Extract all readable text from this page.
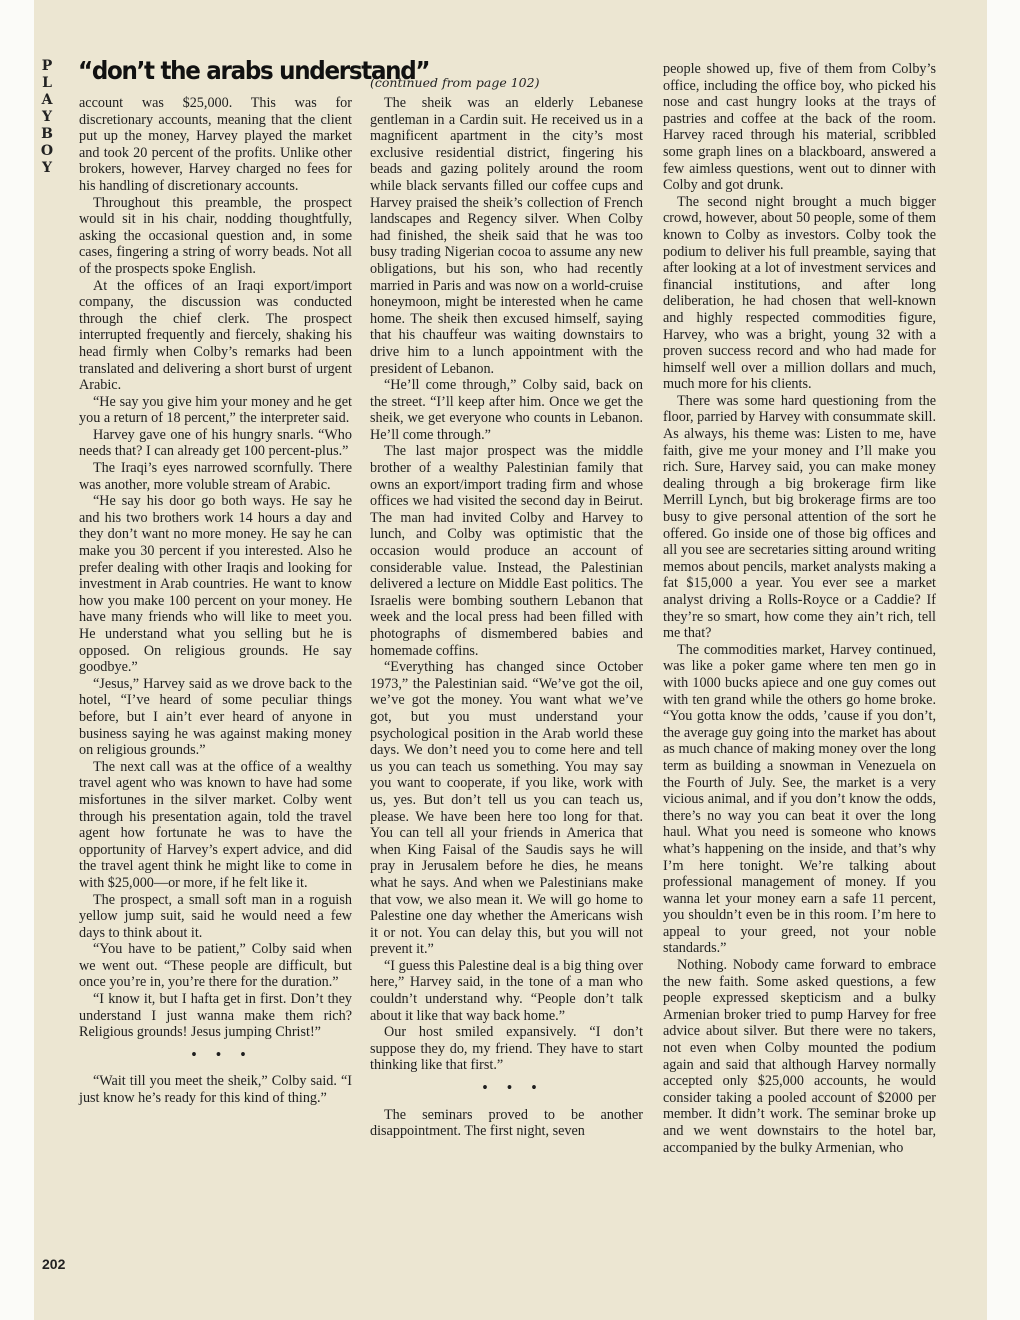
P
L
A
Y
B
O
Y
“don’t the arabs understand”
(continued from page 102)

account was $25,000. This was for discretionary accounts, meaning that the client put up the money, Harvey played the market and took 20 percent of the profits. Unlike other brokers, however, Harvey charged no fees for his handling of discretionary accounts.

Throughout this preamble, the prospect would sit in his chair, nodding thoughtfully, asking the occasional question and, in some cases, fingering a string of worry beads. Not all of the prospects spoke English.

At the offices of an Iraqi export/import company, the discussion was conducted through the chief clerk. The prospect interrupted frequently and fiercely, shaking his head firmly when Colby’s remarks had been translated and delivering a short burst of urgent Arabic.

“He say you give him your money and he get you a return of 18 percent,” the interpreter said.

Harvey gave one of his hungry snarls. “Who needs that? I can already get 100 percent-plus.”

The Iraqi’s eyes narrowed scornfully. There was another, more voluble stream of Arabic.

“He say his door go both ways. He say he and his two brothers work 14 hours a day and they don’t want no more money. He say he can make you 30 percent if you interested. Also he prefer dealing with other Iraqis and looking for investment in Arab countries. He want to know how you make 100 percent on your money. He have many friends who will like to meet you. He understand what you selling but he is opposed. On religious grounds. He say goodbye.”

“Jesus,” Harvey said as we drove back to the hotel, “I’ve heard of some peculiar things before, but I ain’t ever heard of anyone in business saying he was against making money on religious grounds.”

The next call was at the office of a wealthy travel agent who was known to have had some misfortunes in the silver market. Colby went through his presentation again, told the travel agent how fortunate he was to have the opportunity of Harvey’s expert advice, and did the travel agent think he might like to come in with $25,000—or more, if he felt like it.

The prospect, a small soft man in a roguish yellow jump suit, said he would need a few days to think about it.

“You have to be patient,” Colby said when we went out. “These people are difficult, but once you’re in, you’re there for the duration.”

“I know it, but I hafta get in first. Don’t they understand I just wanna make them rich? Religious grounds! Jesus jumping Christ!”

• • •

“Wait till you meet the sheik,” Colby said. “I just know he’s ready for this kind of thing.”

The sheik was an elderly Lebanese gentleman in a Cardin suit. He received us in a magnificent apartment in the city’s most exclusive residential district, fingering his beads and gazing politely around the room while black servants filled our coffee cups and Harvey praised the sheik’s collection of French landscapes and Regency silver. When Colby had finished, the sheik said that he was too busy trading Nigerian cocoa to assume any new obligations, but his son, who had recently married in Paris and was now on a world-cruise honeymoon, might be interested when he came home. The sheik then excused himself, saying that his chauffeur was waiting downstairs to drive him to a lunch appointment with the president of Lebanon.

“He’ll come through,” Colby said, back on the street. “I’ll keep after him. Once we get the sheik, we get everyone who counts in Lebanon. He’ll come through.”

The last major prospect was the middle brother of a wealthy Palestinian family that owns an export/import trading firm and whose offices we had visited the second day in Beirut. The man had invited Colby and Harvey to lunch, and Colby was optimistic that the occasion would produce an account of considerable value. Instead, the Palestinian delivered a lecture on Middle East politics. The Israelis were bombing southern Lebanon that week and the local press had been filled with photographs of dismembered babies and homemade coffins.

“Everything has changed since October 1973,” the Palestinian said. “We’ve got the oil, we’ve got the money. You want what we’ve got, but you must understand your psychological position in the Arab world these days. We don’t need you to come here and tell us you can teach us something. You may say you want to cooperate, if you like, work with us, yes. But don’t tell us you can teach us, please. We have been here too long for that. You can tell all your friends in America that when King Faisal of the Saudis says he will pray in Jerusalem before he dies, he means what he says. And when we Palestinians make that vow, we also mean it. We will go home to Palestine one day whether the Americans wish it or not. You can delay this, but you will not prevent it.”

“I guess this Palestine deal is a big thing over here,” Harvey said, in the tone of a man who couldn’t understand why. “People don’t talk about it like that way back home.”

Our host smiled expansively. “I don’t suppose they do, my friend. They have to start thinking like that first.”

• • •

The seminars proved to be another disappointment. The first night, seven

people showed up, five of them from Colby’s office, including the office boy, who picked his nose and cast hungry looks at the trays of pastries and coffee at the back of the room. Harvey raced through his material, scribbled some graph lines on a blackboard, answered a few aimless questions, went out to dinner with Colby and got drunk.

The second night brought a much bigger crowd, however, about 50 people, some of them known to Colby as investors. Colby took the podium to deliver his full preamble, saying that after looking at a lot of investment services and financial institutions, and after long deliberation, he had chosen that well-known and highly respected commodities figure, Harvey, who was a bright, young 32 with a proven success record and who had made for himself well over a million dollars and much, much more for his clients.

There was some hard questioning from the floor, parried by Harvey with consummate skill. As always, his theme was: Listen to me, have faith, give me your money and I’ll make you rich. Sure, Harvey said, you can make money dealing through a big brokerage firm like Merrill Lynch, but big brokerage firms are too busy to give personal attention of the sort he offered. Go inside one of those big offices and all you see are secretaries sitting around writing memos about pencils, market analysts making a fat $15,000 a year. You ever see a market analyst driving a Rolls-Royce or a Caddie? If they’re so smart, how come they ain’t rich, tell me that?

The commodities market, Harvey continued, was like a poker game where ten men go in with 1000 bucks apiece and one guy comes out with ten grand while the others go home broke. “You gotta know the odds, ’cause if you don’t, the average guy going into the market has about as much chance of making money over the long term as building a snowman in Venezuela on the Fourth of July. See, the market is a very vicious animal, and if you don’t know the odds, there’s no way you can beat it over the long haul. What you need is someone who knows what’s happening on the inside, and that’s why I’m here tonight. We’re talking about professional management of money. If you wanna let your money earn a safe 11 percent, you shouldn’t even be in this room. I’m here to appeal to your greed, not your noble standards.”

Nothing. Nobody came forward to embrace the new faith. Some asked questions, a few people expressed skepticism and a bulky Armenian broker tried to pump Harvey for free advice about silver. But there were no takers, not even when Colby mounted the podium again and said that although Harvey normally accepted only $25,000 accounts, he would consider taking a pooled account of $2000 per member. It didn’t work. The seminar broke up and we went downstairs to the hotel bar, accompanied by the bulky Armenian, who

202
